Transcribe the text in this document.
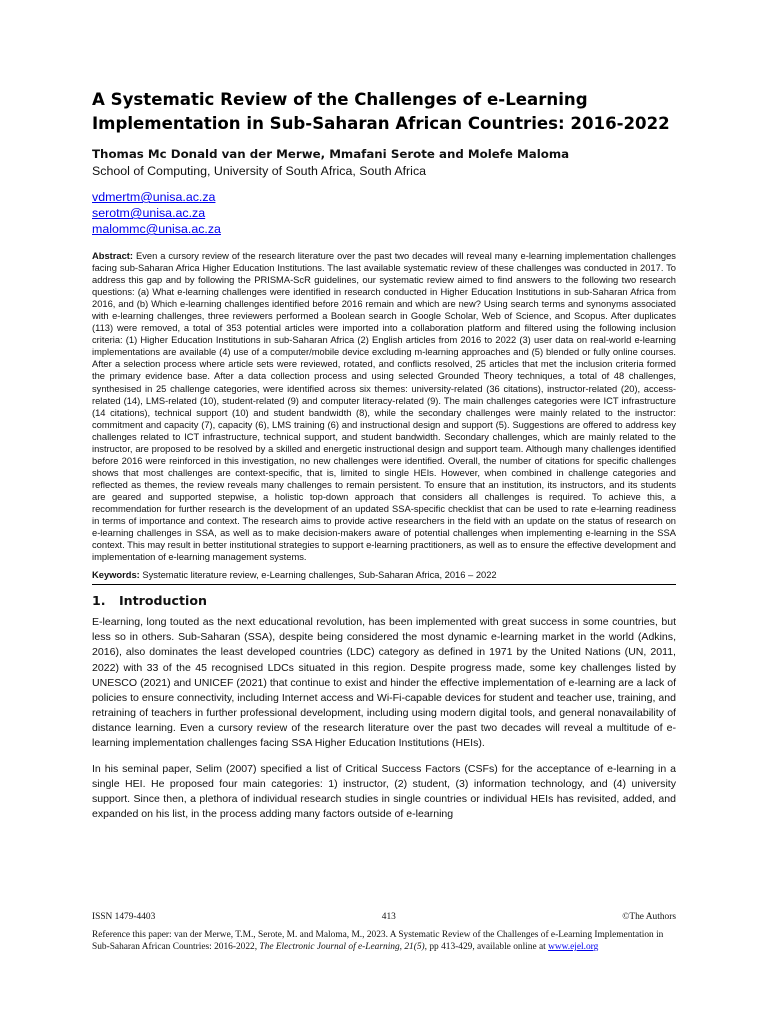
A Systematic Review of the Challenges of e-Learning
Implementation in Sub-Saharan African Countries: 2016-2022
Thomas Mc Donald van der Merwe, Mmafani Serote and Molefe Maloma
School of Computing, University of South Africa, South Africa
vdmertm@unisa.ac.za
serotm@unisa.ac.za
malommc@unisa.ac.za
Abstract: Even a cursory review of the research literature over the past two decades will reveal many e-learning implementation challenges facing sub-Saharan Africa Higher Education Institutions. The last available systematic review of these challenges was conducted in 2017. To address this gap and by following the PRISMA-ScR guidelines, our systematic review aimed to find answers to the following two research questions: (a) What e-learning challenges were identified in research conducted in Higher Education Institutions in sub-Saharan Africa from 2016, and (b) Which e-learning challenges identified before 2016 remain and which are new? Using search terms and synonyms associated with e-learning challenges, three reviewers performed a Boolean search in Google Scholar, Web of Science, and Scopus. After duplicates (113) were removed, a total of 353 potential articles were imported into a collaboration platform and filtered using the following inclusion criteria: (1) Higher Education Institutions in sub-Saharan Africa (2) English articles from 2016 to 2022 (3) user data on real-world e-learning implementations are available (4) use of a computer/mobile device excluding m-learning approaches and (5) blended or fully online courses. After a selection process where article sets were reviewed, rotated, and conflicts resolved, 25 articles that met the inclusion criteria formed the primary evidence base. After a data collection process and using selected Grounded Theory techniques, a total of 48 challenges, synthesised in 25 challenge categories, were identified across six themes: university-related (36 citations), instructor-related (20), access-related (14), LMS-related (10), student-related (9) and computer literacy-related (9). The main challenges categories were ICT infrastructure (14 citations), technical support (10) and student bandwidth (8), while the secondary challenges were mainly related to the instructor: commitment and capacity (7), capacity (6), LMS training (6) and instructional design and support (5). Suggestions are offered to address key challenges related to ICT infrastructure, technical support, and student bandwidth. Secondary challenges, which are mainly related to the instructor, are proposed to be resolved by a skilled and energetic instructional design and support team. Although many challenges identified before 2016 were reinforced in this investigation, no new challenges were identified. Overall, the number of citations for specific challenges shows that most challenges are context-specific, that is, limited to single HEIs. However, when combined in challenge categories and reflected as themes, the review reveals many challenges to remain persistent. To ensure that an institution, its instructors, and its students are geared and supported stepwise, a holistic top-down approach that considers all challenges is required. To achieve this, a recommendation for further research is the development of an updated SSA-specific checklist that can be used to rate e-learning readiness in terms of importance and context. The research aims to provide active researchers in the field with an update on the status of research on e-learning challenges in SSA, as well as to make decision-makers aware of potential challenges when implementing e-learning in the SSA context. This may result in better institutional strategies to support e-learning practitioners, as well as to ensure the effective development and implementation of e-learning management systems.
Keywords: Systematic literature review, e-Learning challenges, Sub-Saharan Africa, 2016 – 2022
1.	Introduction

E-learning, long touted as the next educational revolution, has been implemented with great success in some countries, but less so in others. Sub-Saharan (SSA), despite being considered the most dynamic e-learning market in the world (Adkins, 2016), also dominates the least developed countries (LDC) category as defined in 1971 by the United Nations (UN, 2011, 2022) with 33 of the 45 recognised LDCs situated in this region. Despite progress made, some key challenges listed by UNESCO (2021) and UNICEF (2021) that continue to exist and hinder the effective implementation of e-learning are a lack of policies to ensure connectivity, including Internet access and Wi-Fi-capable devices for student and teacher use, training, and retraining of teachers in further professional development, including using modern digital tools, and general nonavailability of distance learning. Even a cursory review of the research literature over the past two decades will reveal a multitude of e-learning implementation challenges facing SSA Higher Education Institutions (HEIs).

In his seminal paper, Selim (2007) specified a list of Critical Success Factors (CSFs) for the acceptance of e-learning in a single HEI. He proposed four main categories: 1) instructor, (2) student, (3) information technology, and (4) university support. Since then, a plethora of individual research studies in single countries or individual HEIs has revisited, added, and expanded on his list, in the process adding many factors outside of e-learning

ISSN 1479-4403	413	©The Authors
Reference this paper: van der Merwe, T.M., Serote, M. and Maloma, M., 2023. A Systematic Review of the Challenges of e-Learning Implementation in Sub-Saharan African Countries: 2016-2022, The Electronic Journal of e-Learning, 21(5), pp 413-429, available online at www.ejel.org
